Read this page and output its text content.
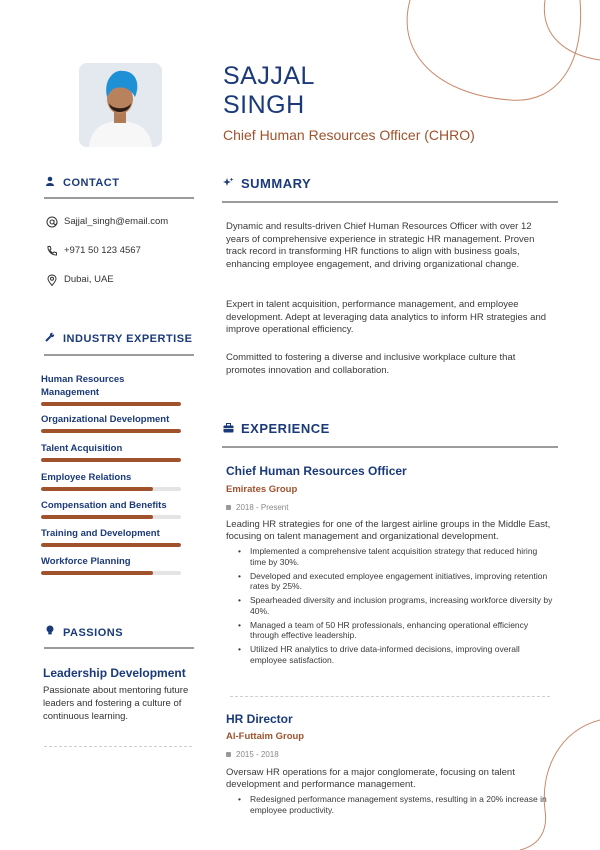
SAJJAL
SINGH
Chief Human Resources Officer (CHRO)
CONTACT
Sajjal_singh@email.com
+971 50 123 4567
Dubai, UAE
INDUSTRY EXPERTISE
Human Resources Management
Organizational Development
Talent Acquisition
Employee Relations
Compensation and Benefits
Training and Development
Workforce Planning
PASSIONS
Leadership Development
Passionate about mentoring future leaders and fostering a culture of continuous learning.
SUMMARY
Dynamic and results-driven Chief Human Resources Officer with over 12 years of comprehensive experience in strategic HR management. Proven track record in transforming HR functions to align with business goals, enhancing employee engagement, and driving organizational change.
Expert in talent acquisition, performance management, and employee development. Adept at leveraging data analytics to inform HR strategies and improve operational efficiency.
Committed to fostering a diverse and inclusive workplace culture that promotes innovation and collaboration.
EXPERIENCE
Chief Human Resources Officer
Emirates Group
2018 - Present
Leading HR strategies for one of the largest airline groups in the Middle East, focusing on talent management and organizational development.
• Implemented a comprehensive talent acquisition strategy that reduced hiring time by 30%.
• Developed and executed employee engagement initiatives, improving retention rates by 25%.
• Spearheaded diversity and inclusion programs, increasing workforce diversity by 40%.
• Managed a team of 50 HR professionals, enhancing operational efficiency through effective leadership.
• Utilized HR analytics to drive data-informed decisions, improving overall employee satisfaction.
HR Director
Al-Futtaim Group
2015 - 2018
Oversaw HR operations for a major conglomerate, focusing on talent development and performance management.
• Redesigned performance management systems, resulting in a 20% increase in employee productivity.
